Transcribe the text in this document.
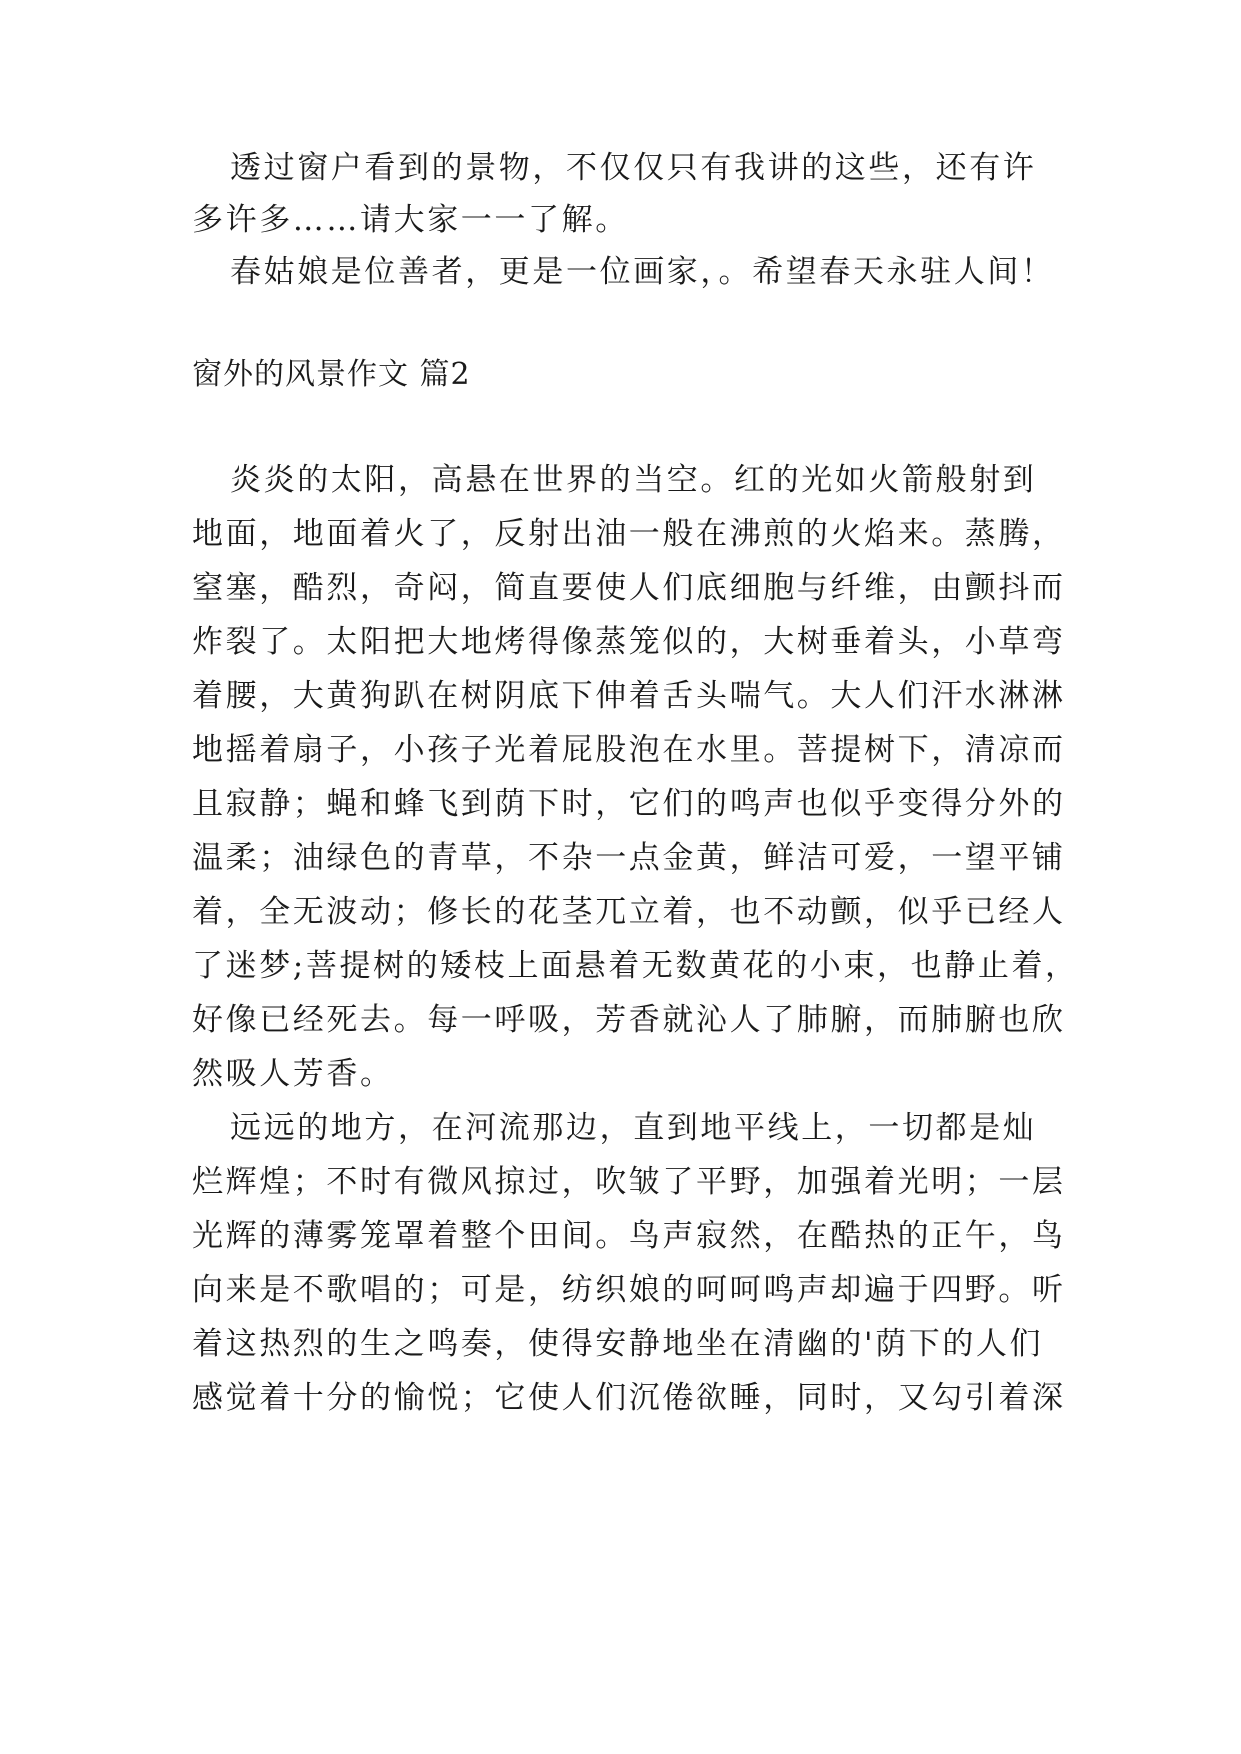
透过窗户看到的景物，不仅仅只有我讲的这些，还有许

多许多……请大家一一了解。

春姑娘是位善者，更是一位画家，。希望春天永驻人间！

窗外的风景作文 篇2

炎炎的太阳，高悬在世界的当空。红的光如火箭般射到

地面，地面着火了，反射出油一般在沸煎的火焰来。蒸腾，

窒塞，酷烈，奇闷，简直要使人们底细胞与纤维，由颤抖而

炸裂了。太阳把大地烤得像蒸笼似的，大树垂着头，小草弯

着腰，大黄狗趴在树阴底下伸着舌头喘气。大人们汗水淋淋

地摇着扇子，小孩子光着屁股泡在水里。菩提树下，清凉而

且寂静；蝇和蜂飞到荫下时，它们的鸣声也似乎变得分外的

温柔；油绿色的青草，不杂一点金黄，鲜洁可爱，一望平铺

着，全无波动；修长的花茎兀立着，也不动颤，似乎已经人

了迷梦;菩提树的矮枝上面悬着无数黄花的小束，也静止着，

好像已经死去。每一呼吸，芳香就沁人了肺腑，而肺腑也欣

然吸人芳香。

远远的地方，在河流那边，直到地平线上，一切都是灿

烂辉煌；不时有微风掠过，吹皱了平野，加强着光明；一层

光辉的薄雾笼罩着整个田间。鸟声寂然，在酷热的正午，鸟

向来是不歌唱的；可是，纺织娘的呵呵鸣声却遍于四野。听

着这热烈的生之鸣奏，使得安静地坐在清幽的'荫下的人们

感觉着十分的愉悦；它使人们沉倦欲睡，同时，又勾引着深
